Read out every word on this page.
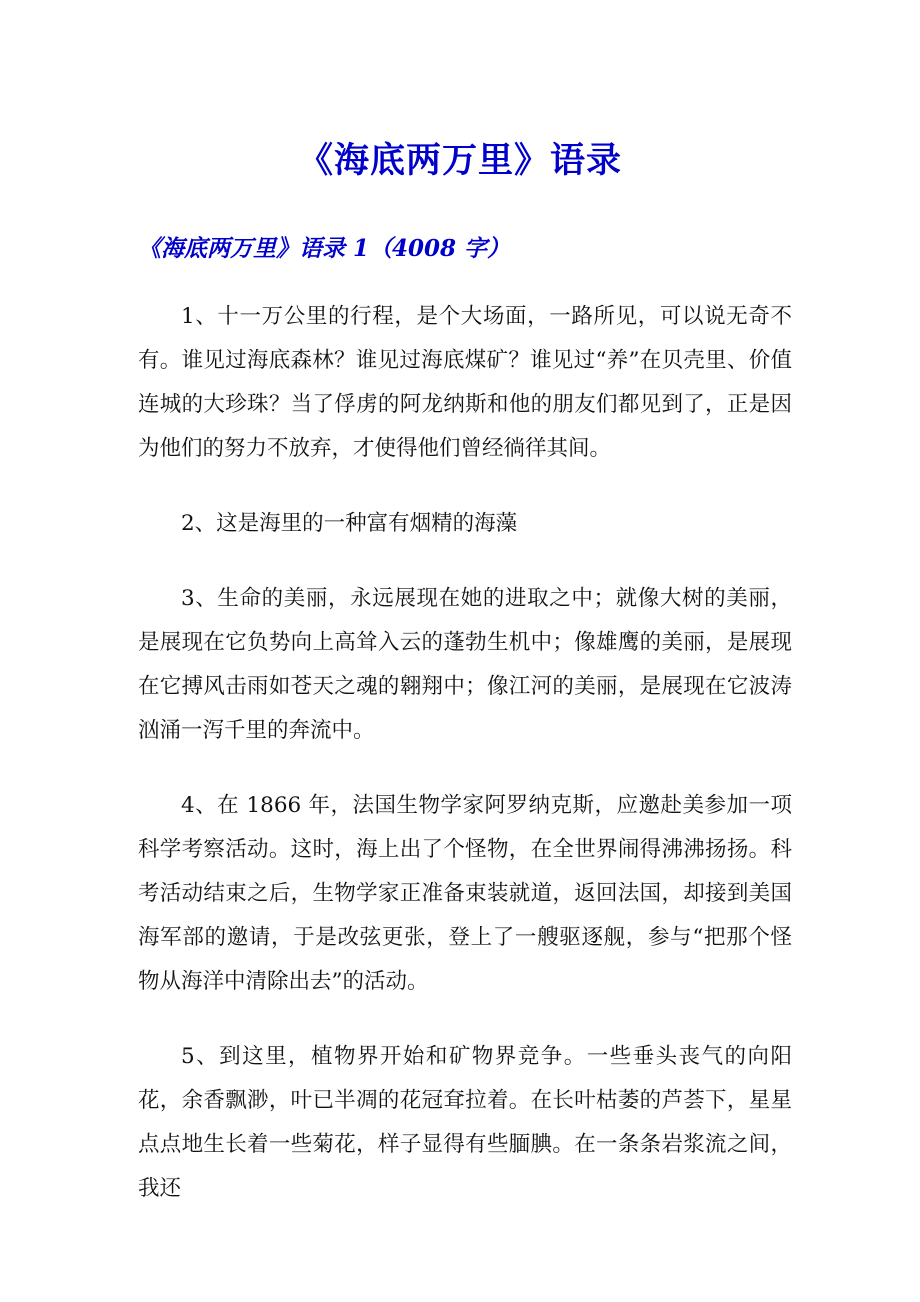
《海底两万里》语录
《海底两万里》语录 1（4008 字）

1、十一万公里的行程，是个大场面，一路所见，可以说无奇不有。谁见过海底森林？谁见过海底煤矿？谁见过“养”在贝壳里、价值连城的大珍珠？当了俘虏的阿龙纳斯和他的朋友们都见到了，正是因为他们的努力不放弃，才使得他们曾经徜徉其间。

2、这是海里的一种富有烟精的海藻

3、生命的美丽，永远展现在她的进取之中；就像大树的美丽，是展现在它负势向上高耸入云的蓬勃生机中；像雄鹰的美丽，是展现在它搏风击雨如苍天之魂的翱翔中；像江河的美丽，是展现在它波涛汹涌一泻千里的奔流中。

4、在 1866 年，法国生物学家阿罗纳克斯，应邀赴美参加一项科学考察活动。这时，海上出了个怪物，在全世界闹得沸沸扬扬。科考活动结束之后，生物学家正准备束装就道，返回法国，却接到美国海军部的邀请，于是改弦更张，登上了一艘驱逐舰，参与“把那个怪物从海洋中清除出去”的活动。

5、到这里，植物界开始和矿物界竞争。一些垂头丧气的向阳花，余香飘渺，叶已半凋的花冠耷拉着。在长叶枯萎的芦荟下，星星点点地生长着一些菊花，样子显得有些腼腆。在一条条岩浆流之间，我还
